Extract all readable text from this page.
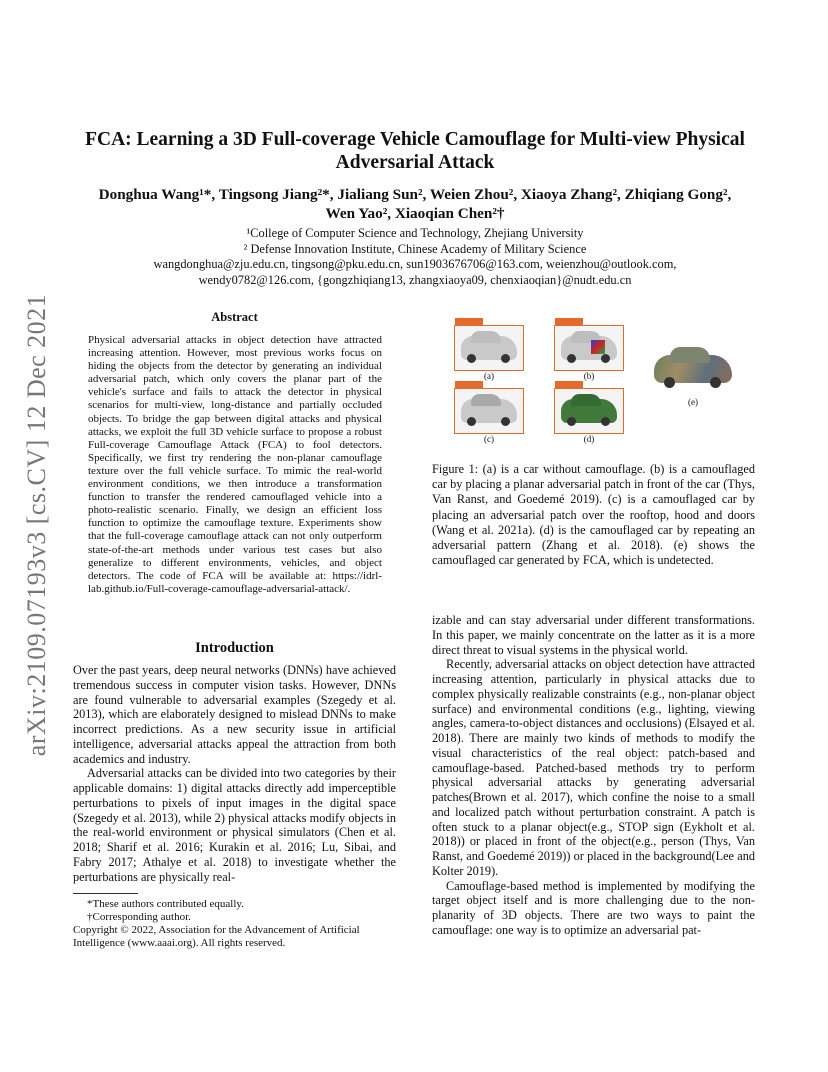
arXiv:2109.07193v3 [cs.CV] 12 Dec 2021
FCA: Learning a 3D Full-coverage Vehicle Camouflage for Multi-view Physical Adversarial Attack
Donghua Wang¹*, Tingsong Jiang²*, Jialiang Sun², Weien Zhou², Xiaoya Zhang², Zhiqiang Gong²,
Wen Yao², Xiaoqian Chen²†
¹College of Computer Science and Technology, Zhejiang University
² Defense Innovation Institute, Chinese Academy of Military Science
wangdonghua@zju.edu.cn, tingsong@pku.edu.cn, sun1903676706@163.com, weienzhou@outlook.com,
wendy0782@126.com, {gongzhiqiang13, zhangxiaoya09, chenxiaoqian}@nudt.edu.cn
Abstract
Physical adversarial attacks in object detection have attracted increasing attention. However, most previous works focus on hiding the objects from the detector by generating an individual adversarial patch, which only covers the planar part of the vehicle's surface and fails to attack the detector in physical scenarios for multi-view, long-distance and partially occluded objects. To bridge the gap between digital attacks and physical attacks, we exploit the full 3D vehicle surface to propose a robust Full-coverage Camouflage Attack (FCA) to fool detectors. Specifically, we first try rendering the non-planar camouflage texture over the full vehicle surface. To mimic the real-world environment conditions, we then introduce a transformation function to transfer the rendered camouflaged vehicle into a photo-realistic scenario. Finally, we design an efficient loss function to optimize the camouflage texture. Experiments show that the full-coverage camouflage attack can not only outperform state-of-the-art methods under various test cases but also generalize to different environments, vehicles, and object detectors. The code of FCA will be available at: https://idrl-lab.github.io/Full-coverage-camouflage-adversarial-attack/.
Introduction

Over the past years, deep neural networks (DNNs) have achieved tremendous success in computer vision tasks. However, DNNs are found vulnerable to adversarial examples (Szegedy et al. 2013), which are elaborately designed to mislead DNNs to make incorrect predictions. As a new security issue in artificial intelligence, adversarial attacks appeal the attraction from both academics and industry.

Adversarial attacks can be divided into two categories by their applicable domains: 1) digital attacks directly add imperceptible perturbations to pixels of input images in the digital space (Szegedy et al. 2013), while 2) physical attacks modify objects in the real-world environment or physical simulators (Chen et al. 2018; Sharif et al. 2016; Kurakin et al. 2016; Lu, Sibai, and Fabry 2017; Athalye et al. 2018) to investigate whether the perturbations are physically real-

*These authors contributed equally.
†Corresponding author.
Copyright © 2022, Association for the Advancement of Artificial Intelligence (www.aaai.org). All rights reserved.
(a)	(b)
(c)	(d)
(e)
Figure 1: (a) is a car without camouflage. (b) is a camouflaged car by placing a planar adversarial patch in front of the car (Thys, Van Ranst, and Goedemé 2019). (c) is a camouflaged car by placing an adversarial patch over the rooftop, hood and doors (Wang et al. 2021a). (d) is the camouflaged car by repeating an adversarial pattern (Zhang et al. 2018). (e) shows the camouflaged car generated by FCA, which is undetected.

izable and can stay adversarial under different transformations. In this paper, we mainly concentrate on the latter as it is a more direct threat to visual systems in the physical world.

Recently, adversarial attacks on object detection have attracted increasing attention, particularly in physical attacks due to complex physically realizable constraints (e.g., non-planar object surface) and environmental conditions (e.g., lighting, viewing angles, camera-to-object distances and occlusions) (Elsayed et al. 2018). There are mainly two kinds of methods to modify the visual characteristics of the real object: patch-based and camouflage-based. Patched-based methods try to perform physical adversarial attacks by generating adversarial patches(Brown et al. 2017), which confine the noise to a small and localized patch without perturbation constraint. A patch is often stuck to a planar object(e.g., STOP sign (Eykholt et al. 2018)) or placed in front of the object(e.g., person (Thys, Van Ranst, and Goedemé 2019)) or placed in the background(Lee and Kolter 2019).

Camouflage-based method is implemented by modifying the target object itself and is more challenging due to the non-planarity of 3D objects. There are two ways to paint the camouflage: one way is to optimize an adversarial pat-
